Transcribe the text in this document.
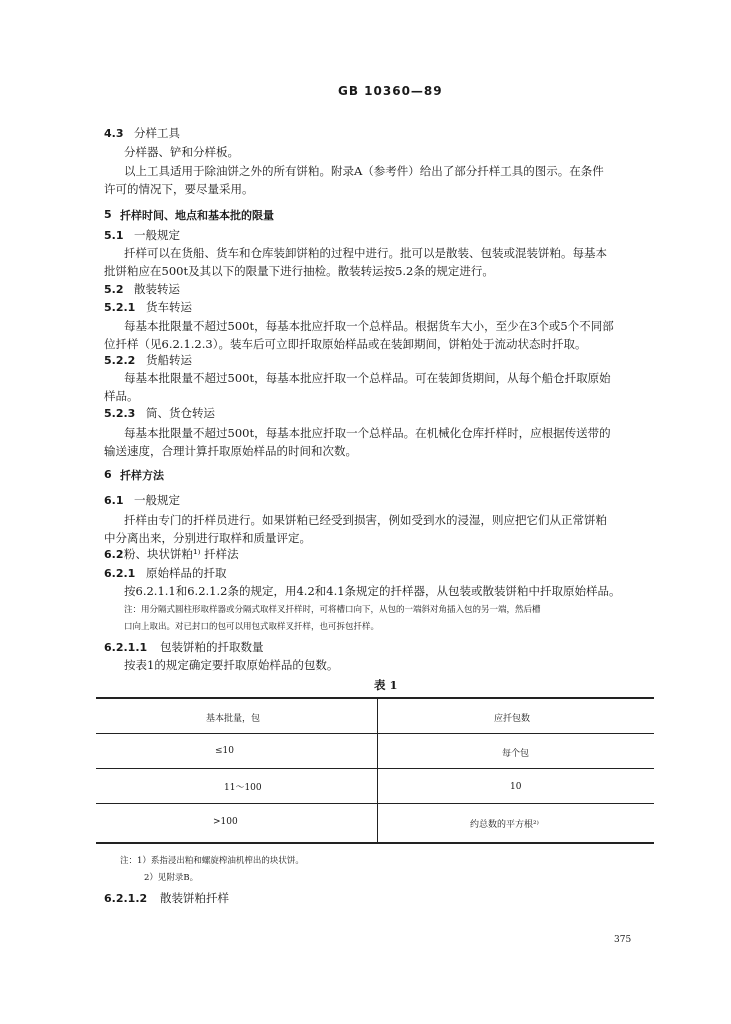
GB 10360—89
4.3 分样工具
分样器、铲和分样板。
以上工具适用于除油饼之外的所有饼粕。附录A（参考件）给出了部分扦样工具的图示。在条件
许可的情况下，要尽量采用。
5 扦样时间、地点和基本批的限量
5.1 一般规定
扦样可以在货船、货车和仓库装卸饼粕的过程中进行。批可以是散装、包装或混装饼粕。每基本
批饼粕应在500t及其以下的限量下进行抽检。散装转运按5.2条的规定进行。
5.2 散装转运
5.2.1 货车转运
每基本批限量不超过500t，每基本批应扦取一个总样品。根据货车大小，至少在3个或5个不同部
位扦样（见6.2.1.2.3）。装车后可立即扦取原始样品或在装卸期间，饼粕处于流动状态时扦取。
5.2.2 货船转运
每基本批限量不超过500t，每基本批应扦取一个总样品。可在装卸货期间，从每个船仓扦取原始
样品。
5.2.3 筒、货仓转运
每基本批限量不超过500t，每基本批应扦取一个总样品。在机械化仓库扦样时，应根据传送带的
输送速度，合理计算扦取原始样品的时间和次数。
6 扦样方法
6.1 一般规定
扦样由专门的扦样员进行。如果饼粕已经受到损害，例如受到水的浸湿，则应把它们从正常饼粕
中分离出来，分别进行取样和质量评定。
6.2 粉、块状饼粕¹⁾ 扦样法
6.2.1 原始样品的扦取
按6.2.1.1和6.2.1.2条的规定，用4.2和4.1条规定的扦样器，从包装或散装饼粕中扦取原始样品。
注：用分隔式圆柱形取样器或分隔式取样叉扦样时，可将槽口向下，从包的一端斜对角插入包的另一端，然后槽
口向上取出。对已封口的包可以用包式取样叉扦样，也可拆包扦样。
6.2.1.1 包装饼粕的扦取数量
按表1的规定确定要扦取原始样品的包数。
表 1
基本批量，包	应扦包数
≤10	每个包
11～100	10
>100	约总数的平方根²⁾
注：1）系指浸出粕和螺旋榨油机榨出的块状饼。
2）见附录B。
6.2.1.2 散装饼粕扦样
375
